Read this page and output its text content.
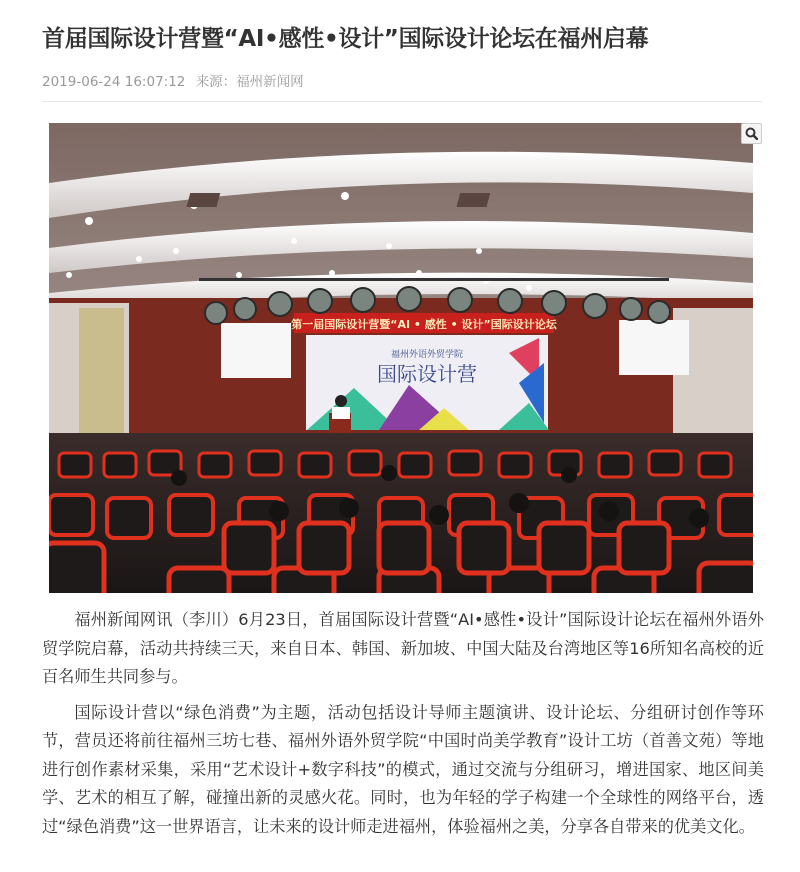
首届国际设计营暨“AI•感性•设计”国际设计论坛在福州启幕
2019-06-24 16:07:12 来源：福州新闻网
第一届国际设计营暨“AI • 感性 • 设计”国际设计论坛
福州外语外贸学院
国际设计营

福州新闻网讯（李川）6月23日，首届国际设计营暨“AI•感性•设计”国际设计论坛在福州外语外贸学院启幕，活动共持续三天，来自日本、韩国、新加坡、中国大陆及台湾地区等16所知名高校的近百名师生共同参与。

国际设计营以“绿色消费”为主题，活动包括设计导师主题演讲、设计论坛、分组研讨创作等环节，营员还将前往福州三坊七巷、福州外语外贸学院“中国时尚美学教育”设计工坊（首善文苑）等地进行创作素材采集，采用“艺术设计+数字科技”的模式，通过交流与分组研习，增进国家、地区间美学、艺术的相互了解，碰撞出新的灵感火花。同时，也为年轻的学子构建一个全球性的网络平台，透过“绿色消费”这一世界语言，让未来的设计师走进福州，体验福州之美，分享各自带来的优美文化。
